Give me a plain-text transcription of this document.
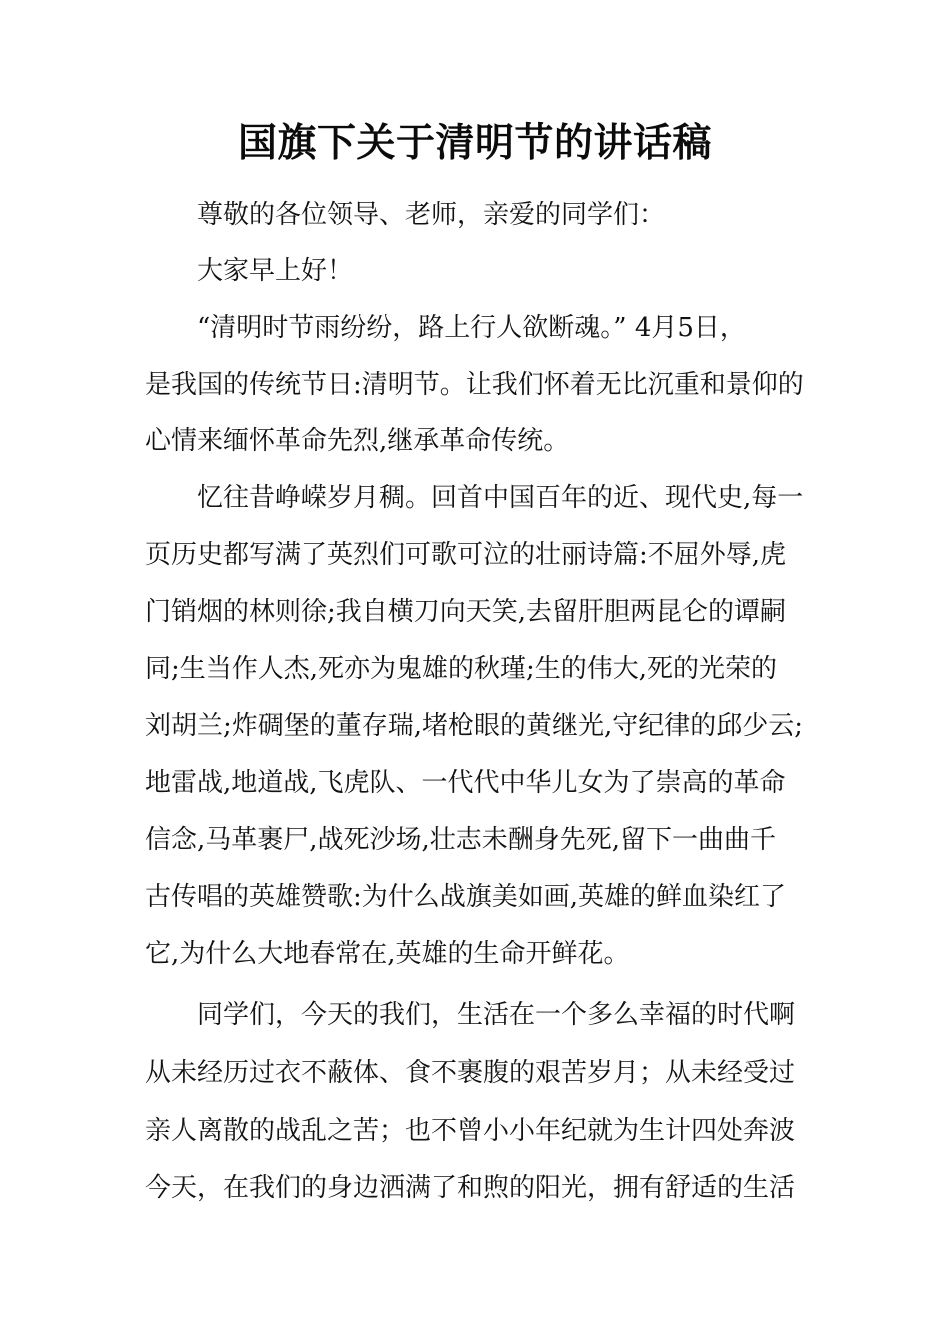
国旗下关于清明节的讲话稿

尊敬的各位领导、老师，亲爱的同学们：

大家早上好！

“清明时节雨纷纷，路上行人欲断魂。” 4月5日，

是我国的传统节日:清明节。让我们怀着无比沉重和景仰的

心情来缅怀革命先烈,继承革命传统。

忆往昔峥嵘岁月稠。回首中国百年的近、现代史,每一

页历史都写满了英烈们可歌可泣的壮丽诗篇:不屈外辱,虎

门销烟的林则徐;我自横刀向天笑,去留肝胆两昆仑的谭嗣

同;生当作人杰,死亦为鬼雄的秋瑾;生的伟大,死的光荣的

刘胡兰;炸碉堡的董存瑞,堵枪眼的黄继光,守纪律的邱少云;

地雷战,地道战,飞虎队、一代代中华儿女为了崇高的革命

信念,马革裹尸,战死沙场,壮志未酬身先死,留下一曲曲千

古传唱的英雄赞歌:为什么战旗美如画,英雄的鲜血染红了

它,为什么大地春常在,英雄的生命开鲜花。

同学们，今天的我们，生活在一个多么幸福的时代啊

从未经历过衣不蔽体、食不裹腹的艰苦岁月；从未经受过

亲人离散的战乱之苦；也不曾小小年纪就为生计四处奔波

今天，在我们的身边洒满了和煦的阳光，拥有舒适的生活
